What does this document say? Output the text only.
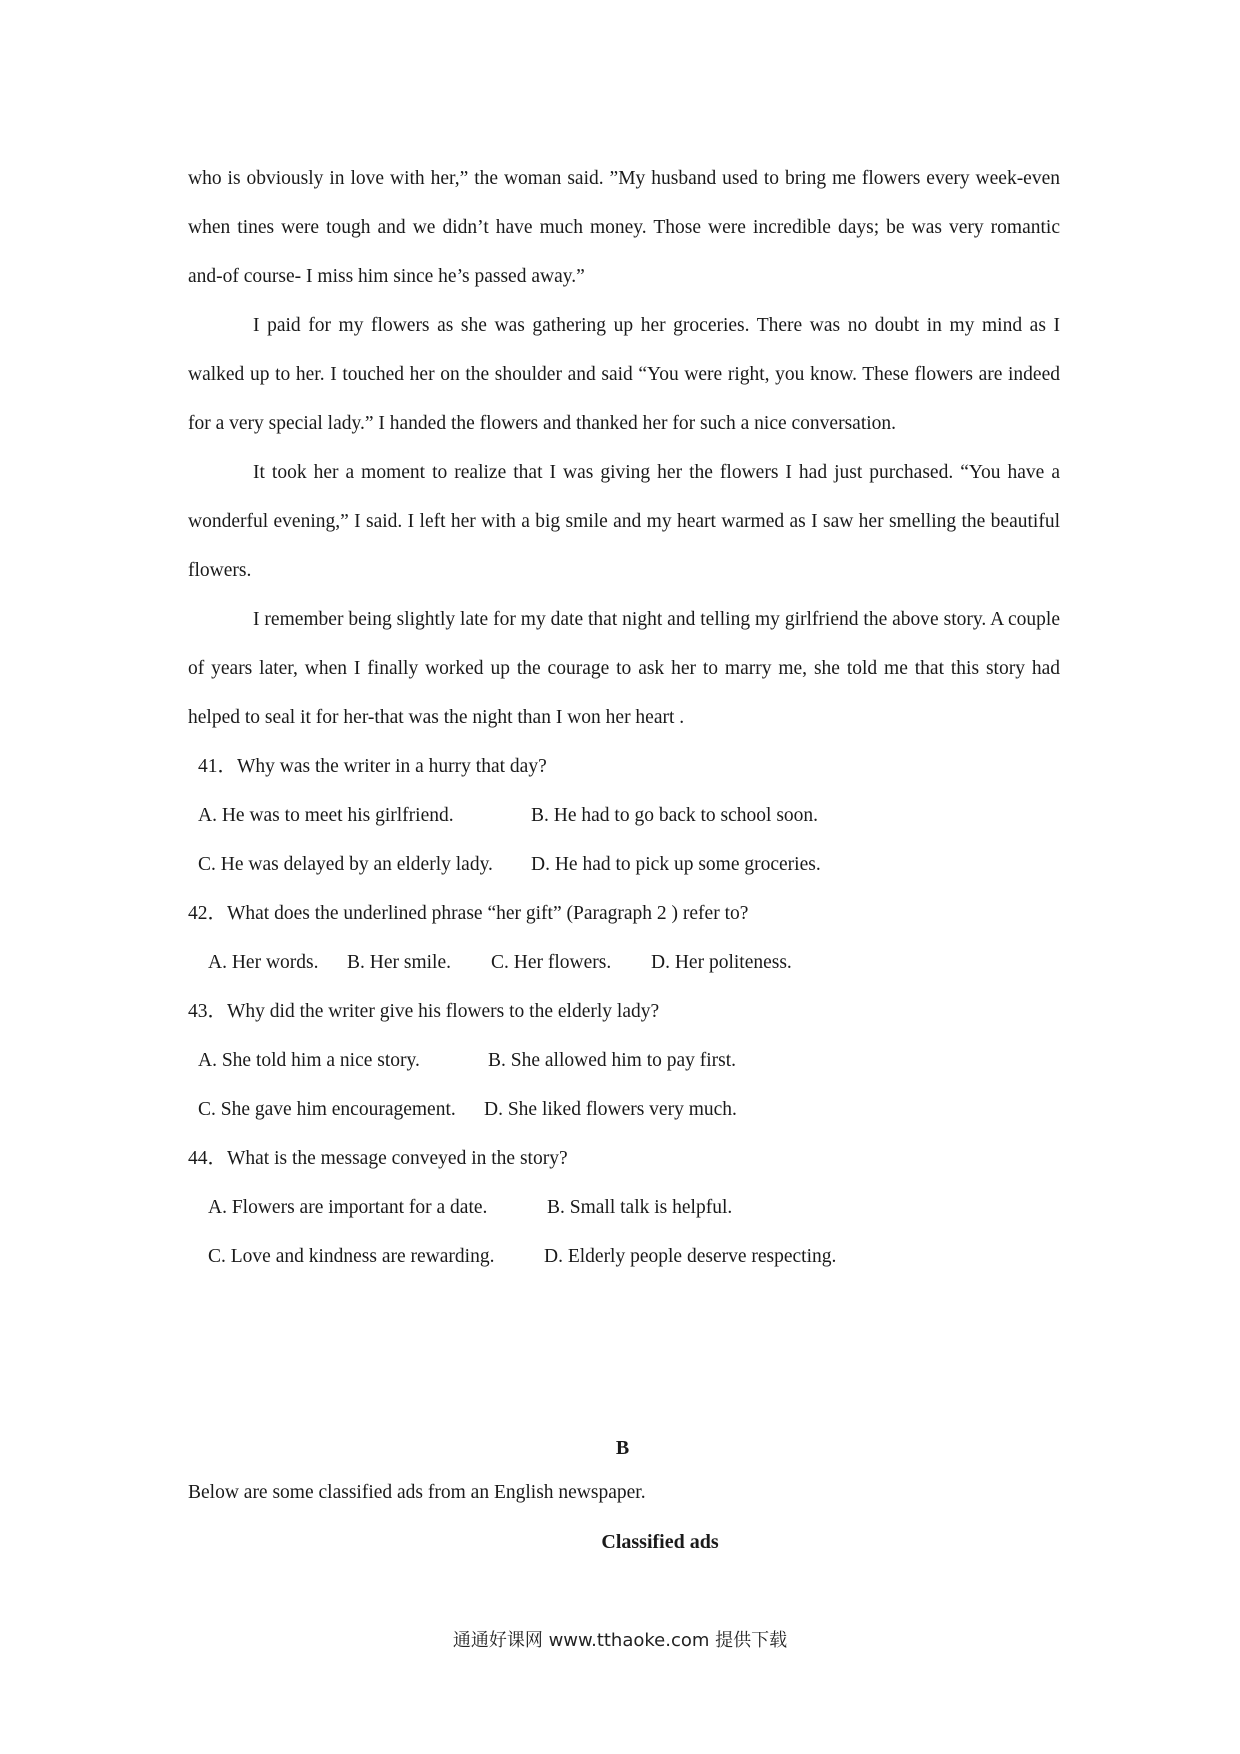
who is obviously in love with her,” the woman said. ”My husband used to bring me flowers every week-even when tines were tough and we didn’t have much money. Those were incredible days; be was very romantic and-of course- I miss him since he’s passed away.”

I paid for my flowers as she was gathering up her groceries. There was no doubt in my mind as I walked up to her. I touched her on the shoulder and said “You were right, you know. These flowers are indeed for a very special lady.” I handed the flowers and thanked her for such a nice conversation.

It took her a moment to realize that I was giving her the flowers I had just purchased. “You have a wonderful evening,” I said. I left her with a big smile and my heart warmed as I saw her smelling the beautiful flowers.

I remember being slightly late for my date that night and telling my girlfriend the above story. A couple of years later, when I finally worked up the courage to ask her to marry me, she told me that this story had helped to seal it for her-that was the night than I won her heart .

41．Why was the writer in a hurry that day?

A. He was to meet his girlfriend.	B. He had to go back to school soon.
C. He was delayed by an elderly lady.	D. He had to pick up some groceries.

42．What does the underlined phrase “her gift” (Paragraph 2 ) refer to?

A. Her words.	B. Her smile.	C. Her flowers.	D. Her politeness.

43．Why did the writer give his flowers to the elderly lady?

A. She told him a nice story.	B. She allowed him to pay first.
C. She gave him encouragement.	D. She liked flowers very much.

44．What is the message conveyed in the story?

A. Flowers are important for a date.	B. Small talk is helpful.
C. Love and kindness are rewarding.	D. Elderly people deserve respecting.

B

Below are some classified ads from an English newspaper.

Classified ads

通通好课网 www.tthaoke.com 提供下载
